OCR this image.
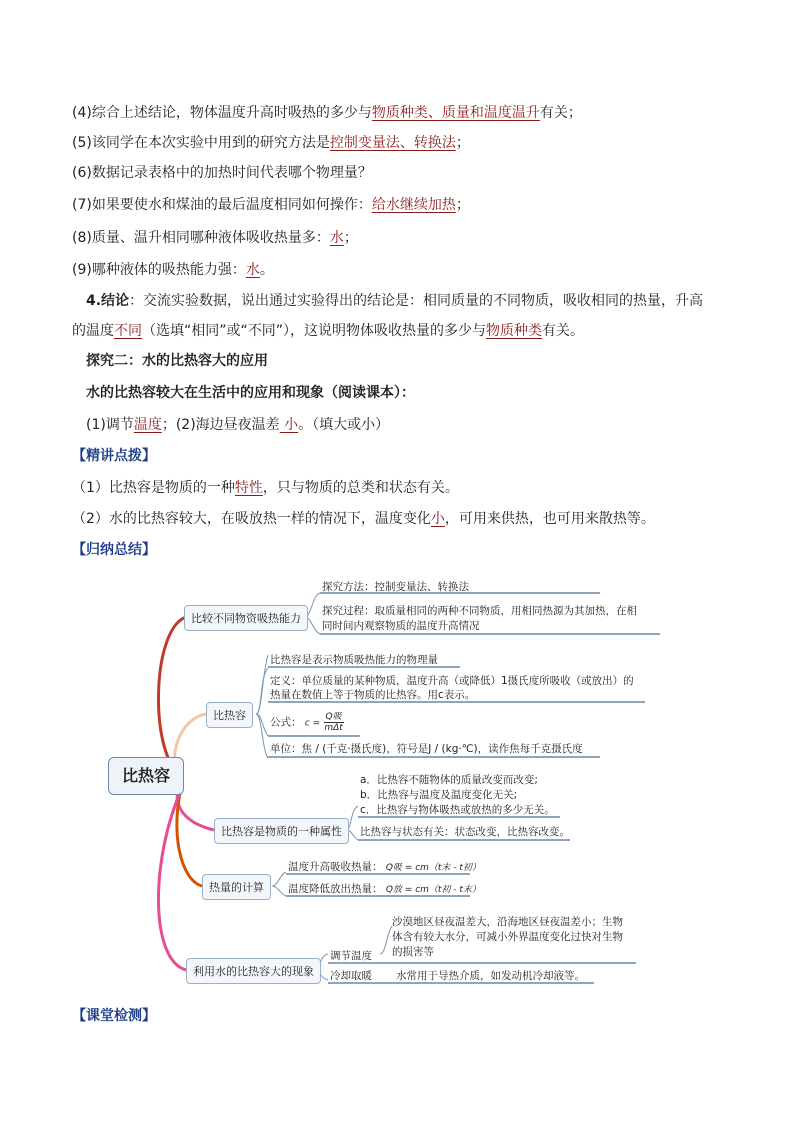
(4)综合上述结论，物体温度升高时吸热的多少与物质种类、质量和温度温升有关；
(5)该同学在本次实验中用到的研究方法是控制变量法、转换法；
(6)数据记录表格中的加热时间代表哪个物理量？
(7)如果要使水和煤油的最后温度相同如何操作：给水继续加热；
(8)质量、温升相同哪种液体吸收热量多：水；
(9)哪种液体的吸热能力强：水。
4.结论：交流实验数据，说出通过实验得出的结论是：相同质量的不同物质，吸收相同的热量，升高
的温度不同（选填“相同”或“不同”），这说明物体吸收热量的多少与物质种类有关。
探究二：水的比热容大的应用
水的比热容较大在生活中的应用和现象（阅读课本）：
(1)调节温度；(2)海边昼夜温差 小。（填大或小）
【精讲点拨】
（1）比热容是物质的一种特性，只与物质的总类和状态有关。
（2）水的比热容较大，在吸放热一样的情况下，温度变化小，可用来供热，也可用来散热等。
【归纳总结】
比热容
比较不同物资吸热能力
探究方法：控制变量法、转换法
探究过程：取质量相同的两种不同物质，用相同热源为其加热，在相
同时间内观察物质的温度升高情况
比热容
比热容是表示物质吸热能力的物理量
定义：单位质量的某种物质，温度升高（或降低）1摄氏度所吸收（或放出）的
热量在数值上等于物质的比热容。用c表示。
公式： $c = \frac{\text{Q吸}}{\text{mΔt}}$
单位：焦 / (千克·摄氏度)，符号是J / (kg·℃)，读作焦每千克摄氏度
比热容是物质的一种属性
a．比热容不随物体的质量改变而改变;
b．比热容与温度及温度变化无关;
c．比热容与物体吸热或放热的多少无关。
比热容与状态有关：状态改变，比热容改变。
热量的计算
温度升高吸收热量： Q吸 = cm（t末 - t初）
温度降低放出热量： Q放 = cm（t初 - t末）
利用水的比热容大的现象
调节温度
沙漠地区昼夜温差大，沿海地区昼夜温差小；生物
体含有较大水分，可减小外界温度变化过快对生物
的损害等
冷却取暖 水常用于导热介质，如发动机冷却液等。
【课堂检测】
